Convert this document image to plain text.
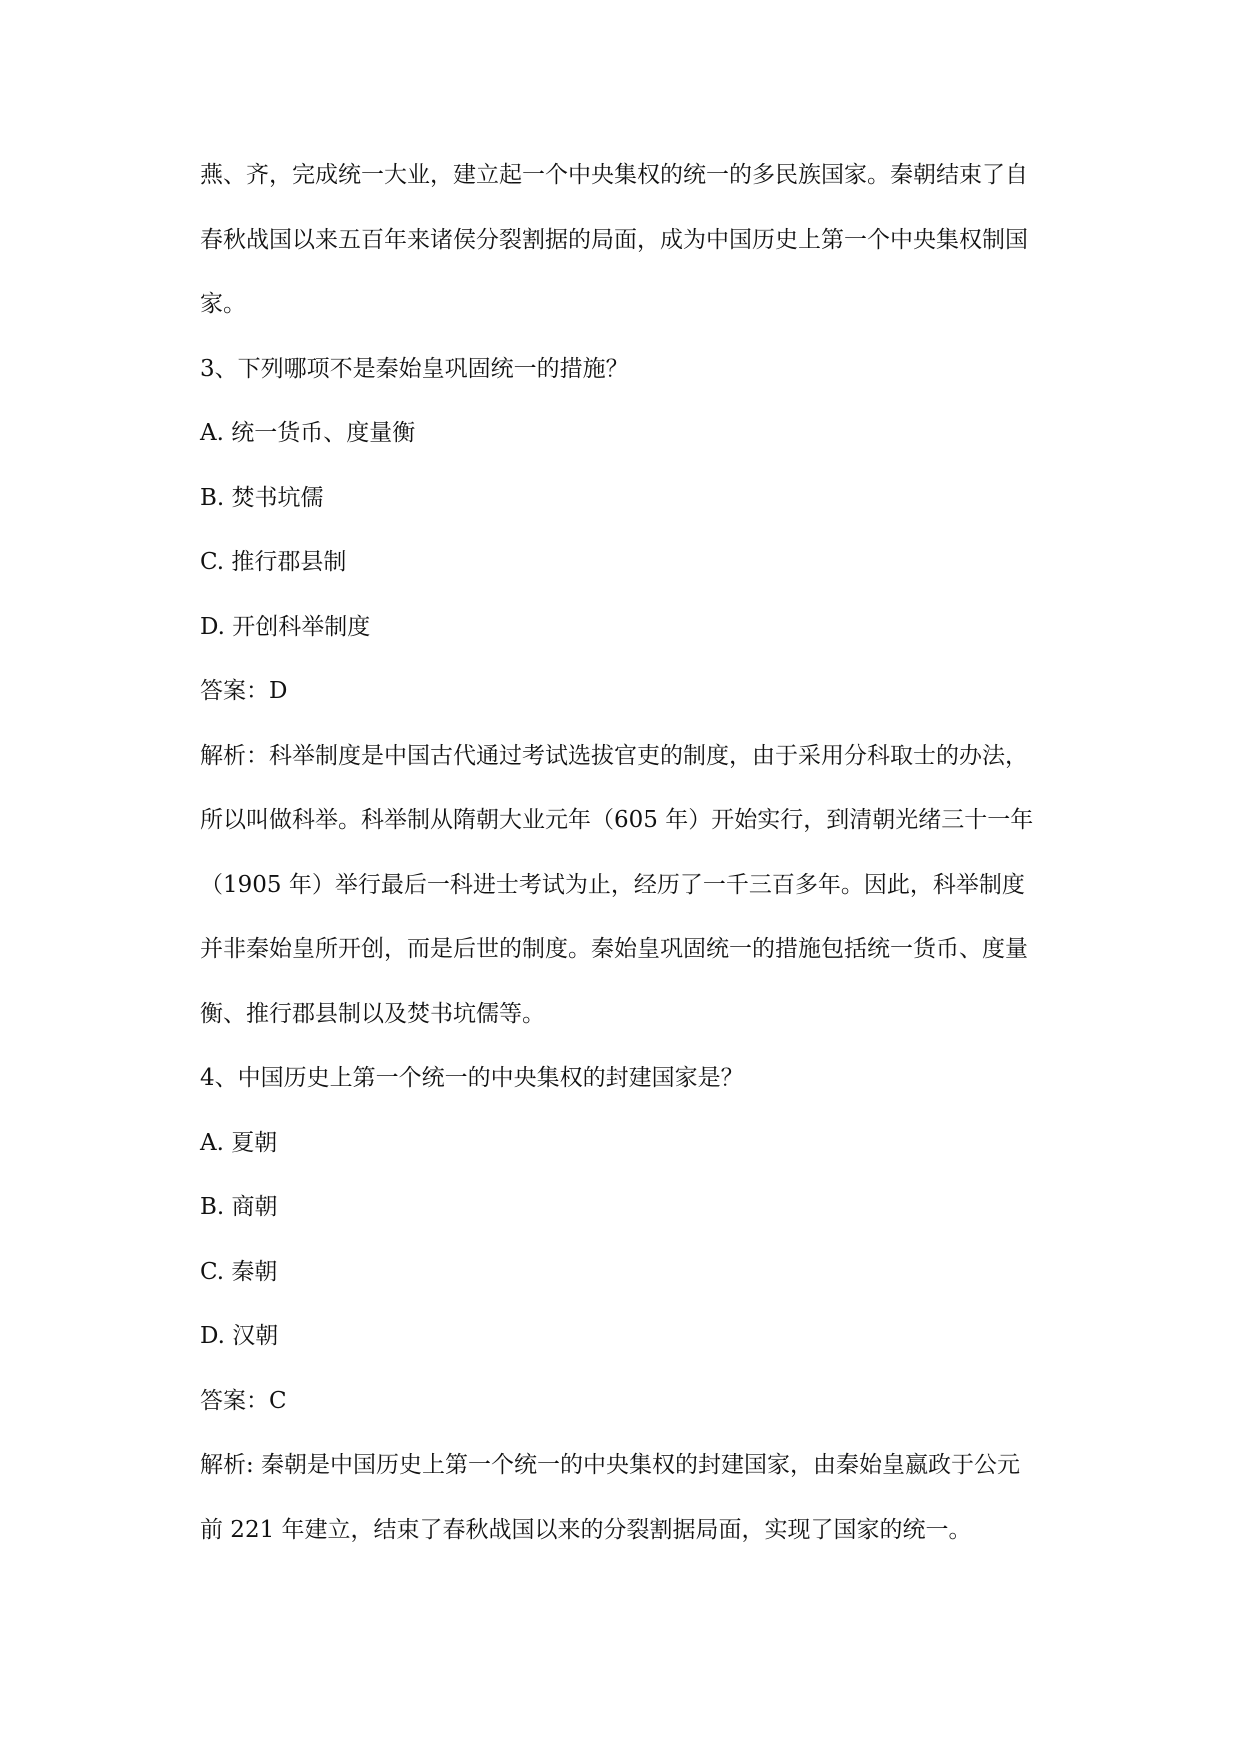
燕、齐，完成统一大业，建立起一个中央集权的统一的多民族国家。秦朝结束了自
春秋战国以来五百年来诸侯分裂割据的局面，成为中国历史上第一个中央集权制国
家。
3、下列哪项不是秦始皇巩固统一的措施？
A. 统一货币、度量衡
B. 焚书坑儒
C. 推行郡县制
D. 开创科举制度
答案：D
解析：科举制度是中国古代通过考试选拔官吏的制度，由于采用分科取士的办法，
所以叫做科举。科举制从隋朝大业元年（605 年）开始实行，到清朝光绪三十一年
（1905 年）举行最后一科进士考试为止，经历了一千三百多年。因此，科举制度
并非秦始皇所开创，而是后世的制度。秦始皇巩固统一的措施包括统一货币、度量
衡、推行郡县制以及焚书坑儒等。
4、中国历史上第一个统一的中央集权的封建国家是？
A. 夏朝
B. 商朝
C. 秦朝
D. 汉朝
答案：C
解析: 秦朝是中国历史上第一个统一的中央集权的封建国家，由秦始皇嬴政于公元
前 221 年建立，结束了春秋战国以来的分裂割据局面，实现了国家的统一。
